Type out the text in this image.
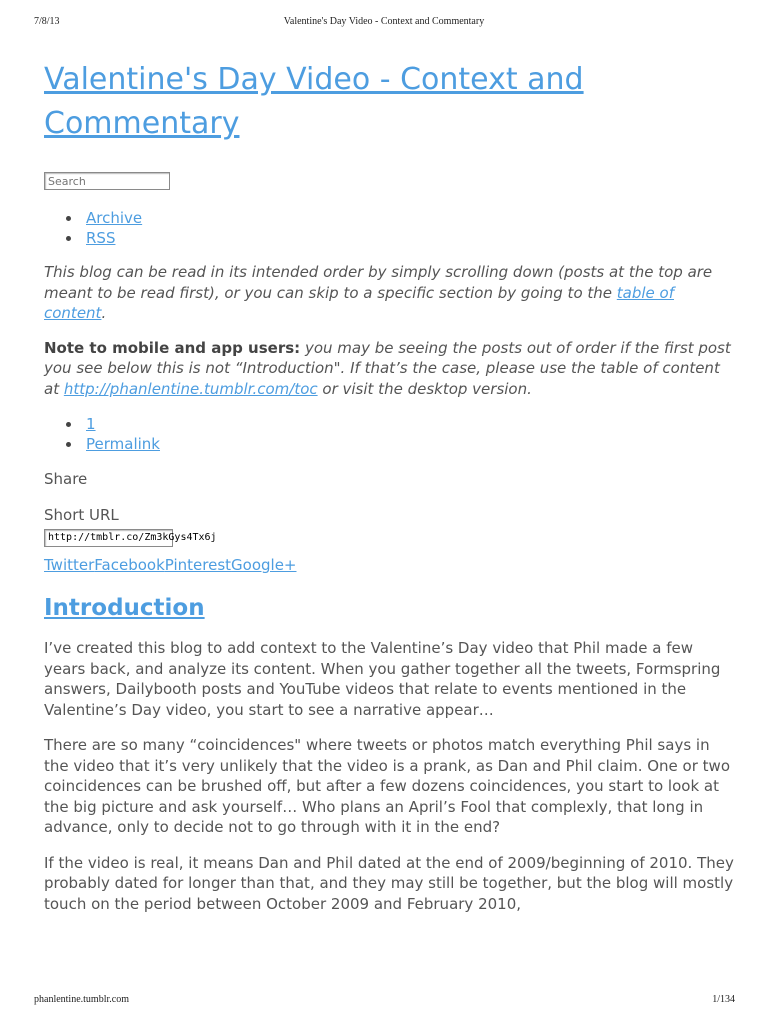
7/8/13	Valentine's Day Video - Context and Commentary
Valentine's Day Video - Context and Commentary
Search
Archive
RSS

This blog can be read in its intended order by simply scrolling down (posts at the top are meant to be read first), or you can skip to a specific section by going to the table of content.

Note to mobile and app users: you may be seeing the posts out of order if the first post you see below this is not “Introduction". If that’s the case, please use the table of content at http://phanlentine.tumblr.com/toc or visit the desktop version.

1
Permalink

Share

Short URL

http://tmblr.co/Zm3kGys4Tx6j
TwitterFacebookPinterestGoogle+
Introduction

I’ve created this blog to add context to the Valentine’s Day video that Phil made a few years back, and analyze its content. When you gather together all the tweets, Formspring answers, Dailybooth posts and YouTube videos that relate to events mentioned in the Valentine’s Day video, you start to see a narrative appear…

There are so many “coincidences" where tweets or photos match everything Phil says in the video that it’s very unlikely that the video is a prank, as Dan and Phil claim. One or two coincidences can be brushed off, but after a few dozens coincidences, you start to look at the big picture and ask yourself… Who plans an April’s Fool that complexly, that long in advance, only to decide not to go through with it in the end?

If the video is real, it means Dan and Phil dated at the end of 2009/beginning of 2010. They probably dated for longer than that, and they may still be together, but the blog will mostly touch on the period between October 2009 and February 2010,

phanlentine.tumblr.com	1/134
